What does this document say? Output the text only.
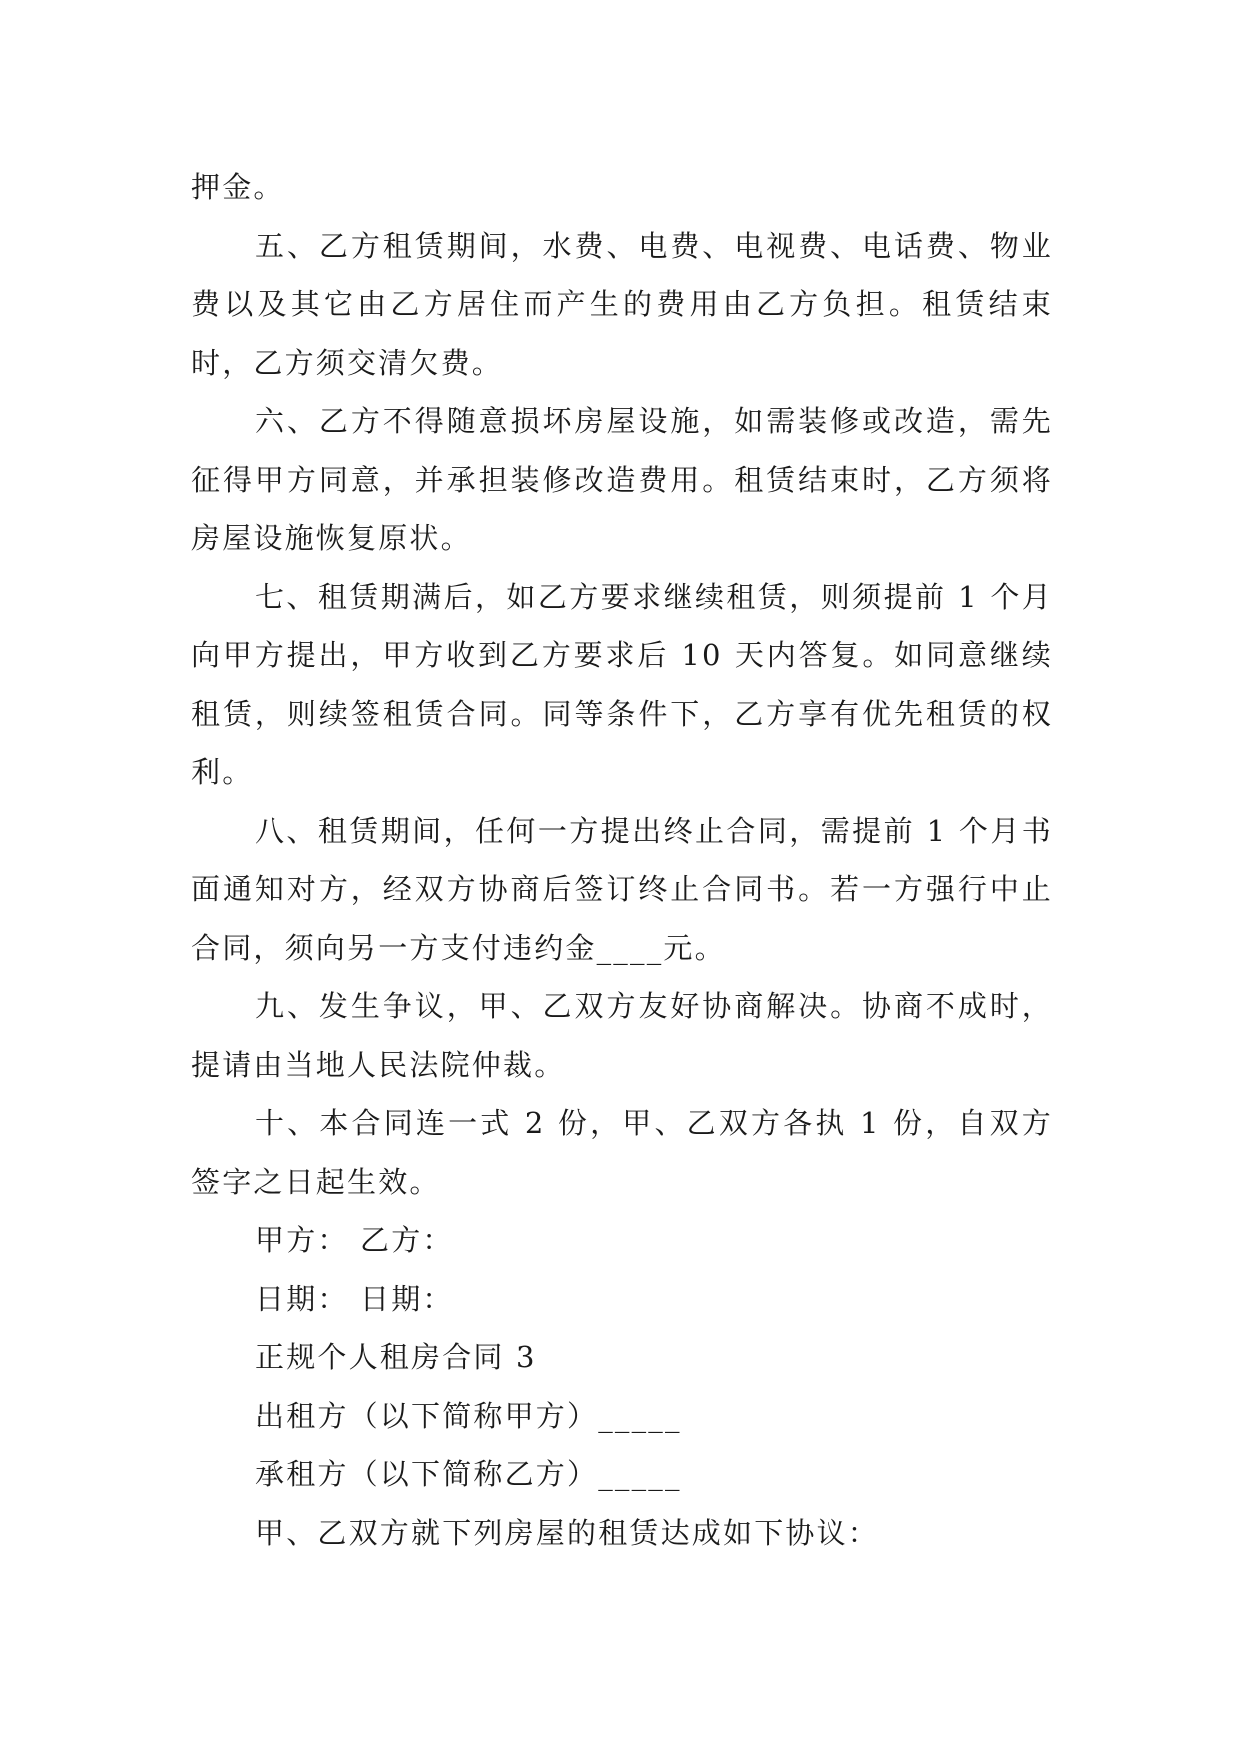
押金。

五、乙方租赁期间，水费、电费、电视费、电话费、物业费以及其它由乙方居住而产生的费用由乙方负担。租赁结束时，乙方须交清欠费。

六、乙方不得随意损坏房屋设施，如需装修或改造，需先征得甲方同意，并承担装修改造费用。租赁结束时，乙方须将房屋设施恢复原状。

七、租赁期满后，如乙方要求继续租赁，则须提前 1 个月向甲方提出，甲方收到乙方要求后 10 天内答复。如同意继续租赁，则续签租赁合同。同等条件下，乙方享有优先租赁的权利。

八、租赁期间，任何一方提出终止合同，需提前 1 个月书面通知对方，经双方协商后签订终止合同书。若一方强行中止合同，须向另一方支付违约金____元。

九、发生争议，甲、乙双方友好协商解决。协商不成时，提请由当地人民法院仲裁。

十、本合同连一式 2 份，甲、乙双方各执 1 份，自双方签字之日起生效。

甲方： 乙方：

日期： 日期：

正规个人租房合同 3

出租方（以下简称甲方）_____

承租方（以下简称乙方）_____

甲、乙双方就下列房屋的租赁达成如下协议：
